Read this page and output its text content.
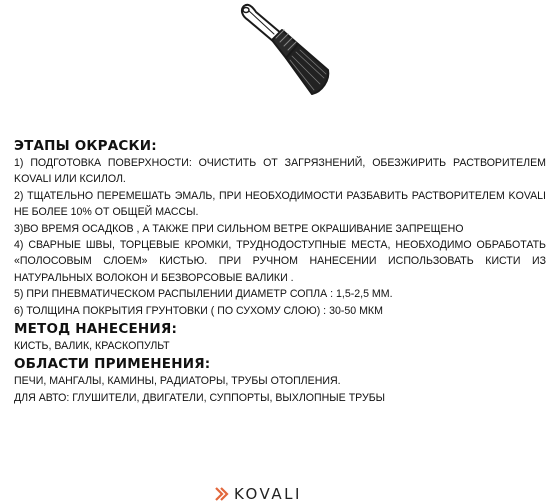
ЭТАПЫ ОКРАСКИ:

1) ПОДГОТОВКА ПОВЕРХНОСТИ: ОЧИСТИТЬ ОТ ЗАГРЯЗНЕНИЙ, ОБЕЗЖИРИТЬ РАСТВОРИТЕЛЕМ KOVALI ИЛИ КСИЛОЛ.

2) ТЩАТЕЛЬНО ПЕРЕМЕШАТЬ ЭМАЛЬ, ПРИ НЕОБХОДИМОСТИ РАЗБАВИТЬ РАСТВОРИТЕЛЕМ KOVALI НЕ БОЛЕЕ 10% ОТ ОБЩЕЙ МАССЫ.

3)ВО ВРЕМЯ ОСАДКОВ , А ТАКЖЕ ПРИ СИЛЬНОМ ВЕТРЕ ОКРАШИВАНИЕ ЗАПРЕЩЕНО

4) СВАРНЫЕ ШВЫ, ТОРЦЕВЫЕ КРОМКИ, ТРУДНОДОСТУПНЫЕ МЕСТА, НЕОБХОДИМО ОБРАБОТАТЬ «ПОЛОСОВЫМ СЛОЕМ» КИСТЬЮ. ПРИ РУЧНОМ НАНЕСЕНИИ ИСПОЛЬЗОВАТЬ КИСТИ ИЗ НАТУРАЛЬНЫХ ВОЛОКОН И БЕЗВОРСОВЫЕ ВАЛИКИ .

5) ПРИ ПНЕВМАТИЧЕСКОМ РАСПЫЛЕНИИ ДИАМЕТР СОПЛА : 1,5-2,5 ММ.

6) ТОЛЩИНА ПОКРЫТИЯ ГРУНТОВКИ ( ПО СУХОМУ СЛОЮ) : 30-50 МКМ

МЕТОД НАНЕСЕНИЯ:

КИСТЬ, ВАЛИК, КРАСКОПУЛЬТ

ОБЛАСТИ ПРИМЕНЕНИЯ:

ПЕЧИ, МАНГАЛЫ, КАМИНЫ, РАДИАТОРЫ, ТРУБЫ ОТОПЛЕНИЯ.

ДЛЯ АВТО: ГЛУШИТЕЛИ, ДВИГАТЕЛИ, СУППОРТЫ, ВЫХЛОПНЫЕ ТРУБЫ

KOVALI
